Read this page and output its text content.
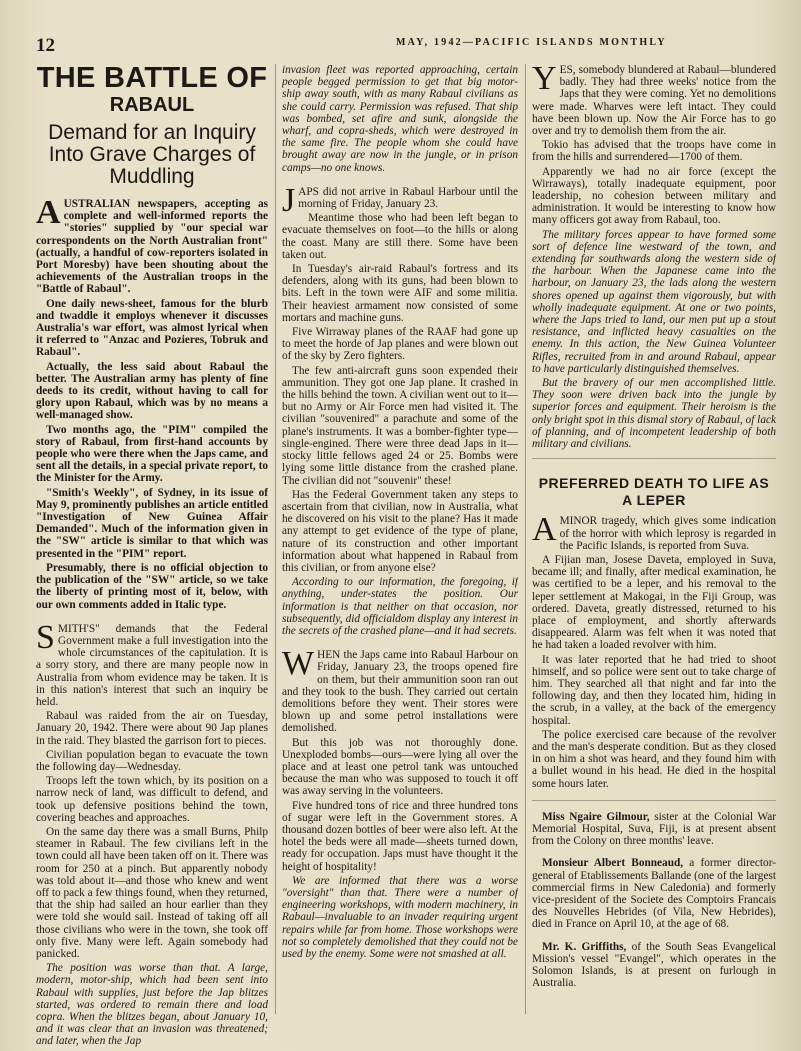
12	MAY, 1942—PACIFIC ISLANDS MONTHLY
THE BATTLE OF
RABAUL
Demand for an Inquiry Into Grave Charges of Muddling

AUSTRALIAN newspapers, accepting as complete and well-informed reports the "stories" supplied by "our special war correspondents on the North Australian front" (actually, a handful of cow-reporters isolated in Port Moresby) have been shouting about the achievements of the Australian troops in the "Battle of Rabaul".

One daily news-sheet, famous for the blurb and twaddle it employs whenever it discusses Australia's war effort, was almost lyrical when it referred to "Anzac and Pozieres, Tobruk and Rabaul".

Actually, the less said about Rabaul the better. The Australian army has plenty of fine deeds to its credit, without having to call for glory upon Rabaul, which was by no means a well-managed show.

Two months ago, the "PIM" compiled the story of Rabaul, from first-hand accounts by people who were there when the Japs came, and sent all the details, in a special private report, to the Minister for the Army.

"Smith's Weekly", of Sydney, in its issue of May 9, prominently publishes an article entitled "Investigation of New Guinea Affair Demanded". Much of the information given in the "SW" article is similar to that which was presented in the "PIM" report.

Presumably, there is no official objection to the publication of the "SW" article, so we take the liberty of printing most of it, below, with our own comments added in Italic type.

SMITH'S" demands that the Federal Government make a full investigation into the whole circumstances of the capitulation. It is a sorry story, and there are many people now in Australia from whom evidence may be taken. It is in this nation's interest that such an inquiry be held.

Rabaul was raided from the air on Tuesday, January 20, 1942. There were about 90 Jap planes in the raid. They blasted the garrison fort to pieces.

Civilian population began to evacuate the town the following day—Wednesday.

Troops left the town which, by its position on a narrow neck of land, was difficult to defend, and took up defensive positions behind the town, covering beaches and approaches.

On the same day there was a small Burns, Philp steamer in Rabaul. The few civilians left in the town could all have been taken off on it. There was room for 250 at a pinch. But apparently nobody was told about it—and those who knew and went off to pack a few things found, when they returned, that the ship had sailed an hour earlier than they were told she would sail. Instead of taking off all those civilians who were in the town, she took off only five. Many were left. Again somebody had panicked.

The position was worse than that. A large, modern, motor-ship, which had been sent into Rabaul with supplies, just before the Jap blitzes started, was ordered to remain there and load copra. When the blitzes began, about January 10, and it was clear that an invasion was threatened; and later, when the Jap

invasion fleet was reported approaching, certain people begged permission to get that big motor-ship away south, with as many Rabaul civilians as she could carry. Permission was refused. That ship was bombed, set afire and sunk, alongside the wharf, and copra-sheds, which were destroyed in the same fire. The people whom she could have brought away are now in the jungle, or in prison camps—no one knows.

JAPS did not arrive in Rabaul Harbour until the morning of Friday, January 23.

Meantime those who had been left began to evacuate themselves on foot—to the hills or along the coast. Many are still there. Some have been taken out.

In Tuesday's air-raid Rabaul's fortress and its defenders, along with its guns, had been blown to bits. Left in the town were AIF and some militia. Their heaviest armament now consisted of some mortars and machine guns.

Five Wirraway planes of the RAAF had gone up to meet the horde of Jap planes and were blown out of the sky by Zero fighters.

The few anti-aircraft guns soon expended their ammunition. They got one Jap plane. It crashed in the hills behind the town. A civilian went out to it—but no Army or Air Force men had visited it. The civilian "souvenired" a parachute and some of the plane's instruments. It was a bomber-fighter type—single-engined. There were three dead Japs in it—stocky little fellows aged 24 or 25. Bombs were lying some little distance from the crashed plane. The civilian did not "souvenir" these!

Has the Federal Government taken any steps to ascertain from that civilian, now in Australia, what he discovered on his visit to the plane? Has it made any attempt to get evidence of the type of plane, nature of its construction and other important information about what happened in Rabaul from this civilian, or from anyone else?

According to our information, the foregoing, if anything, under-states the position. Our information is that neither on that occasion, nor subsequently, did officialdom display any interest in the secrets of the crashed plane—and it had secrets.

WHEN the Japs came into Rabaul Harbour on Friday, January 23, the troops opened fire on them, but their ammunition soon ran out and they took to the bush. They carried out certain demolitions before they went. Their stores were blown up and some petrol installations were demolished.

But this job was not thoroughly done. Unexploded bombs—ours—were lying all over the place and at least one petrol tank was untouched because the man who was supposed to touch it off was away serving in the volunteers.

Five hundred tons of rice and three hundred tons of sugar were left in the Government stores. A thousand dozen bottles of beer were also left. At the hotel the beds were all made—sheets turned down, ready for occupation. Japs must have thought it the height of hospitality!

We are informed that there was a worse "oversight" than that. There were a number of engineering workshops, with modern machinery, in Rabaul—invaluable to an invader requiring urgent repairs while far from home. Those workshops were not so completely demolished that they could not be used by the enemy. Some were not smashed at all.

YES, somebody blundered at Rabaul—blundered badly. They had three weeks' notice from the Japs that they were coming. Yet no demolitions were made. Wharves were left intact. They could have been blown up. Now the Air Force has to go over and try to demolish them from the air.

Tokio has advised that the troops have come in from the hills and surrendered—1700 of them.

Apparently we had no air force (except the Wirraways), totally inadequate equipment, poor leadership, no cohesion between military and administration. It would be interesting to know how many officers got away from Rabaul, too.

The military forces appear to have formed some sort of defence line westward of the town, and extending far southwards along the western side of the harbour. When the Japanese came into the harbour, on January 23, the lads along the western shores opened up against them vigorously, but with wholly inadequate equipment. At one or two points, where the Japs tried to land, our men put up a stout resistance, and inflicted heavy casualties on the enemy. In this action, the New Guinea Volunteer Rifles, recruited from in and around Rabaul, appear to have particularly distinguished themselves.

But the bravery of our men accomplished little. They soon were driven back into the jungle by superior forces and equipment. Their heroism is the only bright spot in this dismal story of Rabaul, of lack of planning, and of incompetent leadership of both military and civilians.

PREFERRED DEATH TO LIFE AS A LEPER

AMINOR tragedy, which gives some indication of the horror with which leprosy is regarded in the Pacific Islands, is reported from Suva.

A Fijian man, Josese Daveta, employed in Suva, became ill; and finally, after medical examination, he was certified to be a leper, and his removal to the leper settlement at Makogai, in the Fiji Group, was ordered. Daveta, greatly distressed, returned to his place of employment, and shortly afterwards disappeared. Alarm was felt when it was noted that he had taken a loaded revolver with him.

It was later reported that he had tried to shoot himself, and so police were sent out to take charge of him. They searched all that night and far into the following day, and then they located him, hiding in the scrub, in a valley, at the back of the emergency hospital.

The police exercised care because of the revolver and the man's desperate condition. But as they closed in on him a shot was heard, and they found him with a bullet wound in his head. He died in the hospital some hours later.

Miss Ngaire Gilmour, sister at the Colonial War Memorial Hospital, Suva, Fiji, is at present absent from the Colony on three months' leave.

Monsieur Albert Bonneaud, a former director-general of Etablissements Ballande (one of the largest commercial firms in New Caledonia) and formerly vice-president of the Societe des Comptoirs Francais des Nouvelles Hebrides (of Vila, New Hebrides), died in France on April 10, at the age of 68.

Mr. K. Griffiths, of the South Seas Evangelical Mission's vessel "Evangel", which operates in the Solomon Islands, is at present on furlough in Australia.
